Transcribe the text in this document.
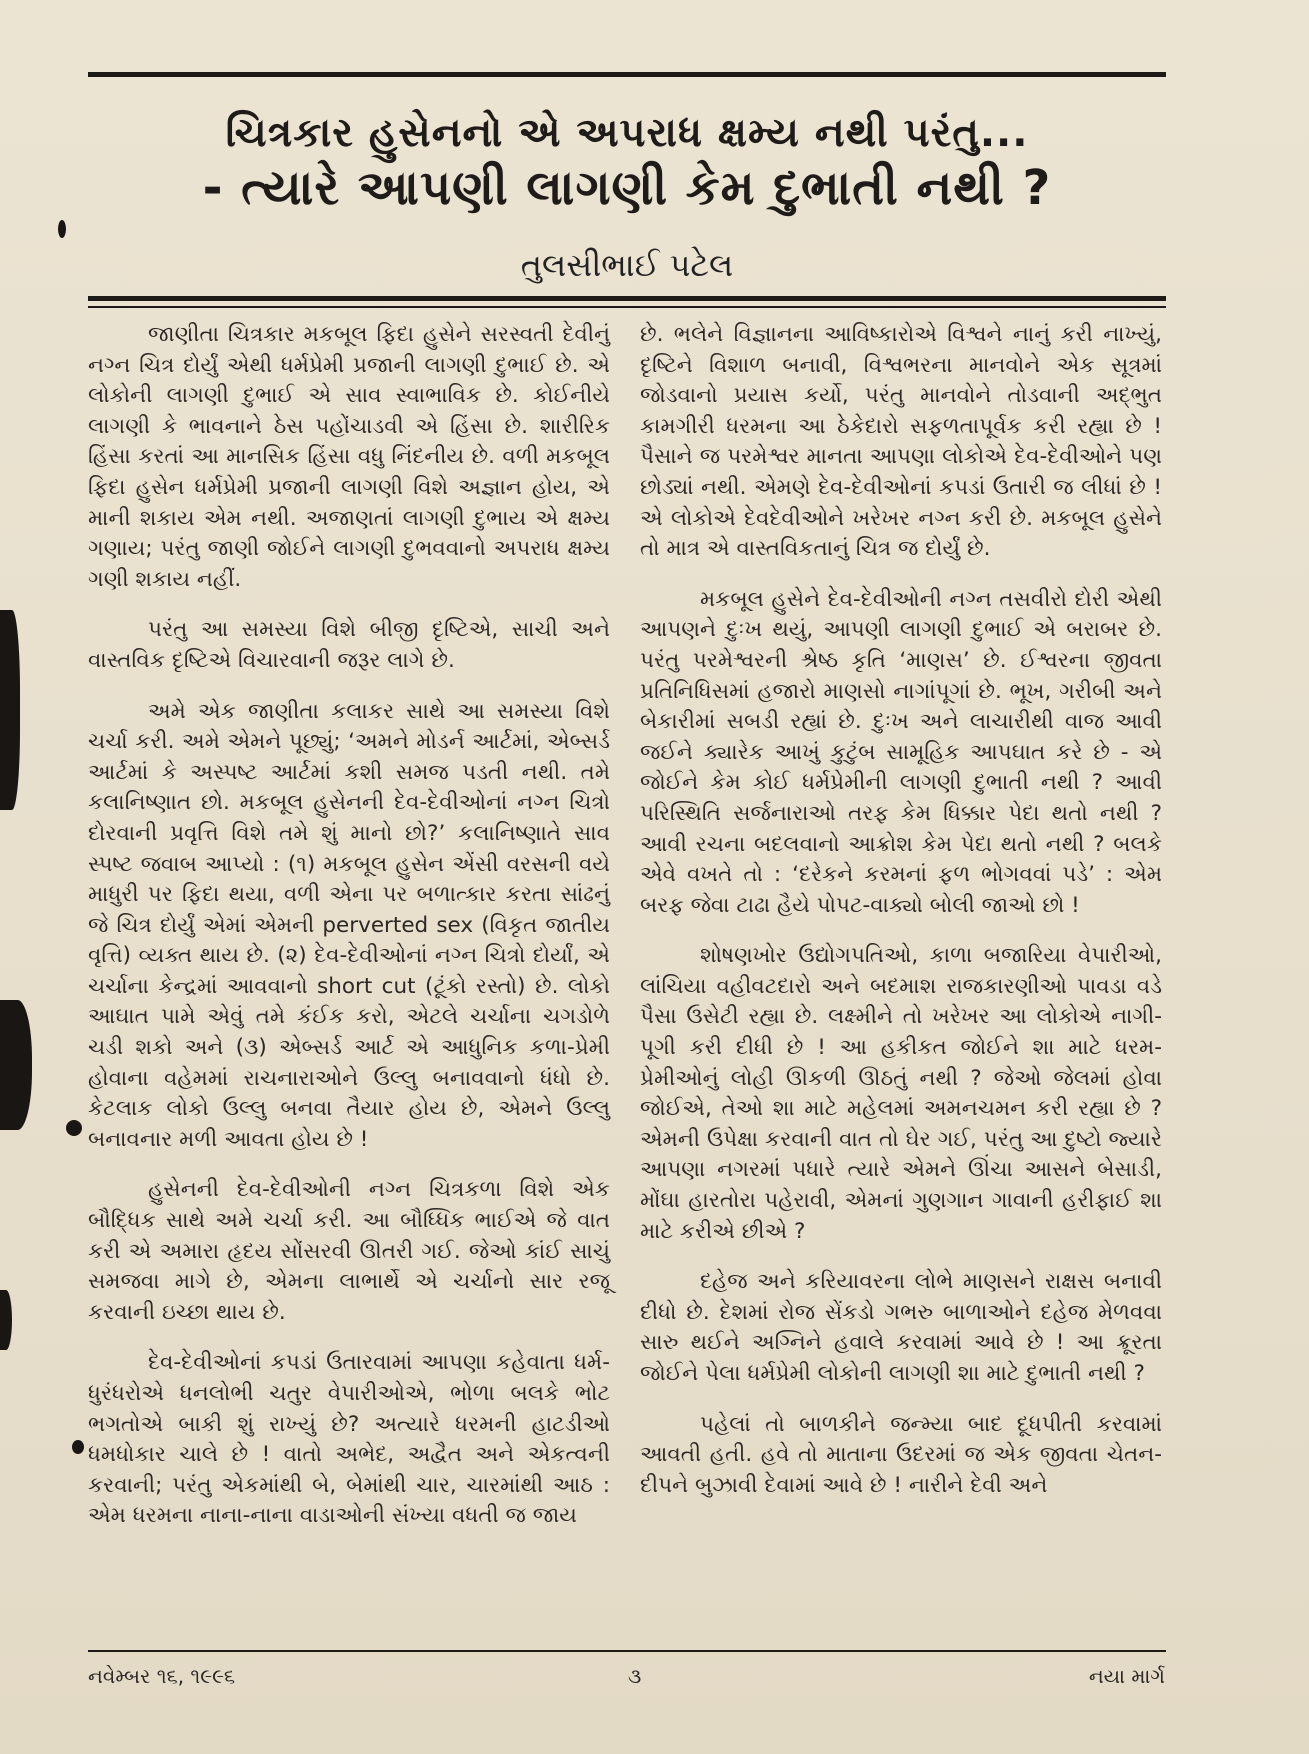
ચિત્રકાર હુસેનનો એ અપરાધ ક્ષમ્ય નથી પરંતુ...
- ત્યારે આપણી લાગણી કેમ દુભાતી નથી ?
તુલસીભાઈ પટેલ

જાણીતા ચિત્રકાર મકબૂલ ફિદા હુસેને સરસ્વતી દેવીનું નગ્ન ચિત્ર દોર્યું એથી ધર્મપ્રેમી પ્રજાની લાગણી દુભાઈ છે. એ લોકોની લાગણી દુભાઈ એ સાવ સ્વાભાવિક છે. કોઈનીયે લાગણી કે ભાવનાને ઠેસ પહોંચાડવી એ હિંસા છે. શારીરિક હિંસા કરતાં આ માનસિક હિંસા વધુ નિંદનીય છે. વળી મકબૂલ ફિદા હુસેન ધર્મપ્રેમી પ્રજાની લાગણી વિશે અજ્ઞાન હોય, એ માની શકાય એમ નથી. અજાણતાં લાગણી દુભાય એ ક્ષમ્ય ગણાય; પરંતુ જાણી જોઈને લાગણી દુભવવાનો અપરાધ ક્ષમ્ય ગણી શકાય નહીં.

પરંતુ આ સમસ્યા વિશે બીજી દૃષ્ટિએ, સાચી અને વાસ્તવિક દૃષ્ટિએ વિચારવાની જરૂર લાગે છે.

અમે એક જાણીતા કલાકર સાથે આ સમસ્યા વિશે ચર્ચા કરી. અમે એમને પૂછ્યું; ‘અમને મોડર્ન આર્ટમાં, એબ્સર્ડ આર્ટમાં કે અસ્પષ્ટ આર્ટમાં કશી સમજ પડતી નથી. તમે કલાનિષ્ણાત છો. મકબૂલ હુસેનની દેવ-દેવીઓનાં નગ્ન ચિત્રો દોરવાની પ્રવૃત્તિ વિશે તમે શું માનો છો?’ કલાનિષ્ણાતે સાવ સ્પષ્ટ જવાબ આપ્યો : (૧) મકબૂલ હુસેન એંસી વરસની વયે માધુરી પર ફિદા થયા, વળી એના પર બળાત્કાર કરતા સાંઢનું જે ચિત્ર દોર્યું એમાં એમની perverted sex (વિકૃત જાતીય વૃત્તિ) વ્યક્ત થાય છે. (૨) દેવ-દેવીઓનાં નગ્ન ચિત્રો દોર્યાં, એ ચર્ચાના કેન્દ્રમાં આવવાનો short cut (ટૂંકો રસ્તો) છે. લોકો આઘાત પામે એવું તમે કંઈક કરો, એટલે ચર્ચાના ચગડોળે ચડી શકો અને (૩) એબ્સર્ડ આર્ટ એ આધુનિક કળા-પ્રેમી હોવાના વહેમમાં રાચનારાઓને ઉલ્લુ બનાવવાનો ધંધો છે. કેટલાક લોકો ઉલ્લુ બનવા તૈયાર હોય છે, એમને ઉલ્લુ બનાવનાર મળી આવતા હોય છે !

હુસેનની દેવ-દેવીઓની નગ્ન ચિત્રકળા વિશે એક બૌદ્ધિક સાથે અમે ચર્ચા કરી. આ બૌધ્ધિક ભાઈએ જે વાત કરી એ અમારા હૃદય સોંસરવી ઊતરી ગઈ. જેઓ કાંઈ સાચું સમજવા માગે છે, એમના લાભાર્થે એ ચર્ચાનો સાર રજૂ કરવાની ઇચ્છા થાય છે.

દેવ-દેવીઓનાં કપડાં ઉતારવામાં આપણા કહેવાતા ધર્મ-ધુરંધરોએ ધનલોભી ચતુર વેપારીઓએ, ભોળા બલકે ભોટ ભગતોએ બાકી શું રાખ્યું છે? અત્યારે ધરમની હાટડીઓ ધમધોકાર ચાલે છે ! વાતો અભેદ, અદ્વૈત અને એકત્વની કરવાની; પરંતુ એકમાંથી બે, બેમાંથી ચાર, ચારમાંથી આઠ : એમ ધરમના નાના-નાના વાડાઓની સંખ્યા વધતી જ જાય

છે. ભલેને વિજ્ઞાનના આવિષ્કારોએ વિશ્વને નાનું કરી નાખ્યું, દૃષ્ટિને વિશાળ બનાવી, વિશ્વભરના માનવોને એક સૂત્રમાં જોડવાનો પ્રયાસ કર્યો, પરંતુ માનવોને તોડવાની અદ્ભુત કામગીરી ધરમના આ ઠેકેદારો સફળતાપૂર્વક કરી રહ્યા છે ! પૈસાને જ પરમેશ્વર માનતા આપણા લોકોએ દેવ-દેવીઓને પણ છોડ્યાં નથી. એમણે દેવ-દેવીઓનાં કપડાં ઉતારી જ લીધાં છે ! એ લોકોએ દેવદેવીઓને ખરેખર નગ્ન કરી છે. મકબૂલ હુસેને તો માત્ર એ વાસ્તવિકતાનું ચિત્ર જ દોર્યું છે.

મકબૂલ હુસેને દેવ-દેવીઓની નગ્ન તસવીરો દોરી એથી આપણને દુઃખ થયું, આપણી લાગણી દુભાઈ એ બરાબર છે. પરંતુ પરમેશ્વરની શ્રેષ્ઠ કૃતિ ‘માણસ’ છે. ઈશ્વરના જીવતા પ્રતિનિધિસમાં હજારો માણસો નાગાંપૂગાં છે. ભૂખ, ગરીબી અને બેકારીમાં સબડી રહ્યાં છે. દુઃખ અને લાચારીથી વાજ આવી જઈને ક્યારેક આખું કુટુંબ સામૂહિક આપઘાત કરે છે - એ જોઈને કેમ કોઈ ધર્મપ્રેમીની લાગણી દુભાતી નથી ? આવી પરિસ્થિતિ સર્જનારાઓ તરફ કેમ ધિક્કાર પેદા થતો નથી ? આવી રચના બદલવાનો આક્રોશ કેમ પેદા થતો નથી ? બલકે એવે વખતે તો : ‘દરેકને કરમનાં ફળ ભોગવવાં પડે’ : એમ બરફ જેવા ટાઢા હૈયે પોપટ-વાક્યો બોલી જાઓ છો !

શોષણખોર ઉદ્યોગપતિઓ, કાળા બજારિયા વેપારીઓ, લાંચિયા વહીવટદારો અને બદમાશ રાજકારણીઓ પાવડા વડે પૈસા ઉસેટી રહ્યા છે. લક્ષ્મીને તો ખરેખર આ લોકોએ નાગી-પૂગી કરી દીધી છે ! આ હકીકત જોઈને શા માટે ધરમ-પ્રેમીઓનું લોહી ઊકળી ઊઠતું નથી ? જેઓ જેલમાં હોવા જોઈએ, તેઓ શા માટે મહેલમાં અમનચમન કરી રહ્યા છે ?એમની ઉપેક્ષા કરવાની વાત તો ઘેર ગઈ, પરંતુ આ દુષ્ટો જ્યારે આપણા નગરમાં પધારે ત્યારે એમને ઊંચા આસને બેસાડી, મોંઘા હારતોરા પહેરાવી, એમનાં ગુણગાન ગાવાની હરીફાઈ શા માટે કરીએ છીએ ?

દહેજ અને કરિયાવરના લોભે માણસને રાક્ષસ બનાવી દીધો છે. દેશમાં રોજ સેંકડો ગભરુ બાળાઓને દહેજ મેળવવા સારુ થઈને અગ્નિને હવાલે કરવામાં આવે છે ! આ ક્રૂરતા જોઈને પેલા ધર્મપ્રેમી લોકોની લાગણી શા માટે દુભાતી નથી ?

પહેલાં તો બાળકીને જન્મ્યા બાદ દૂધપીતી કરવામાં આવતી હતી. હવે તો માતાના ઉદરમાં જ એક જીવતા ચેતન-દીપને બુઝાવી દેવામાં આવે છે ! નારીને દેવી અને

નવેમ્બર ૧૬, ૧૯૯૬	૩	નયા માર્ગ
